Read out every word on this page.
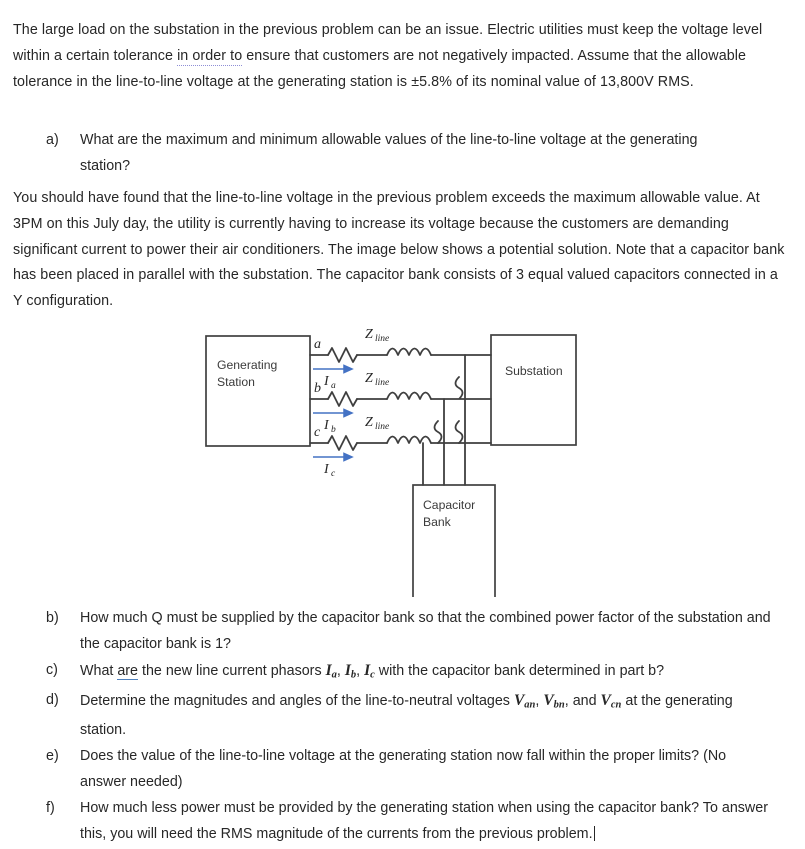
The large load on the substation in the previous problem can be an issue. Electric utilities must keep the voltage level within a certain tolerance in order to ensure that customers are not negatively impacted. Assume that the allowable tolerance in the line-to-line voltage at the generating station is ±5.8% of its nominal value of 13,800V RMS.
a)	What are the maximum and minimum allowable values of the line-to-line voltage at the generating station?
You should have found that the line-to-line voltage in the previous problem exceeds the maximum allowable value. At 3PM on this July day, the utility is currently having to increase its voltage because the customers are demanding significant current to power their air conditioners. The image below shows a potential solution. Note that a capacitor bank has been placed in parallel with the substation. The capacitor bank consists of 3 equal valued capacitors connected in a Y configuration.
Generating
Station
Substation
Capacitor
Bank
a
b
c
Z line
Z line
Z line
I a
I b
I c
b)	How much Q must be supplied by the capacitor bank so that the combined power factor of the substation and the capacitor bank is 1?
c)	What are the new line current phasors Ia, Ib, Ic with the capacitor bank determined in part b?
d)	Determine the magnitudes and angles of the line-to-neutral voltages Van, Vbn, and Vcn at the generating station.
e)	Does the value of the line-to-line voltage at the generating station now fall within the proper limits? (No answer needed)
f)	How much less power must be provided by the generating station when using the capacitor bank? To answer this, you will need the RMS magnitude of the currents from the previous problem.
